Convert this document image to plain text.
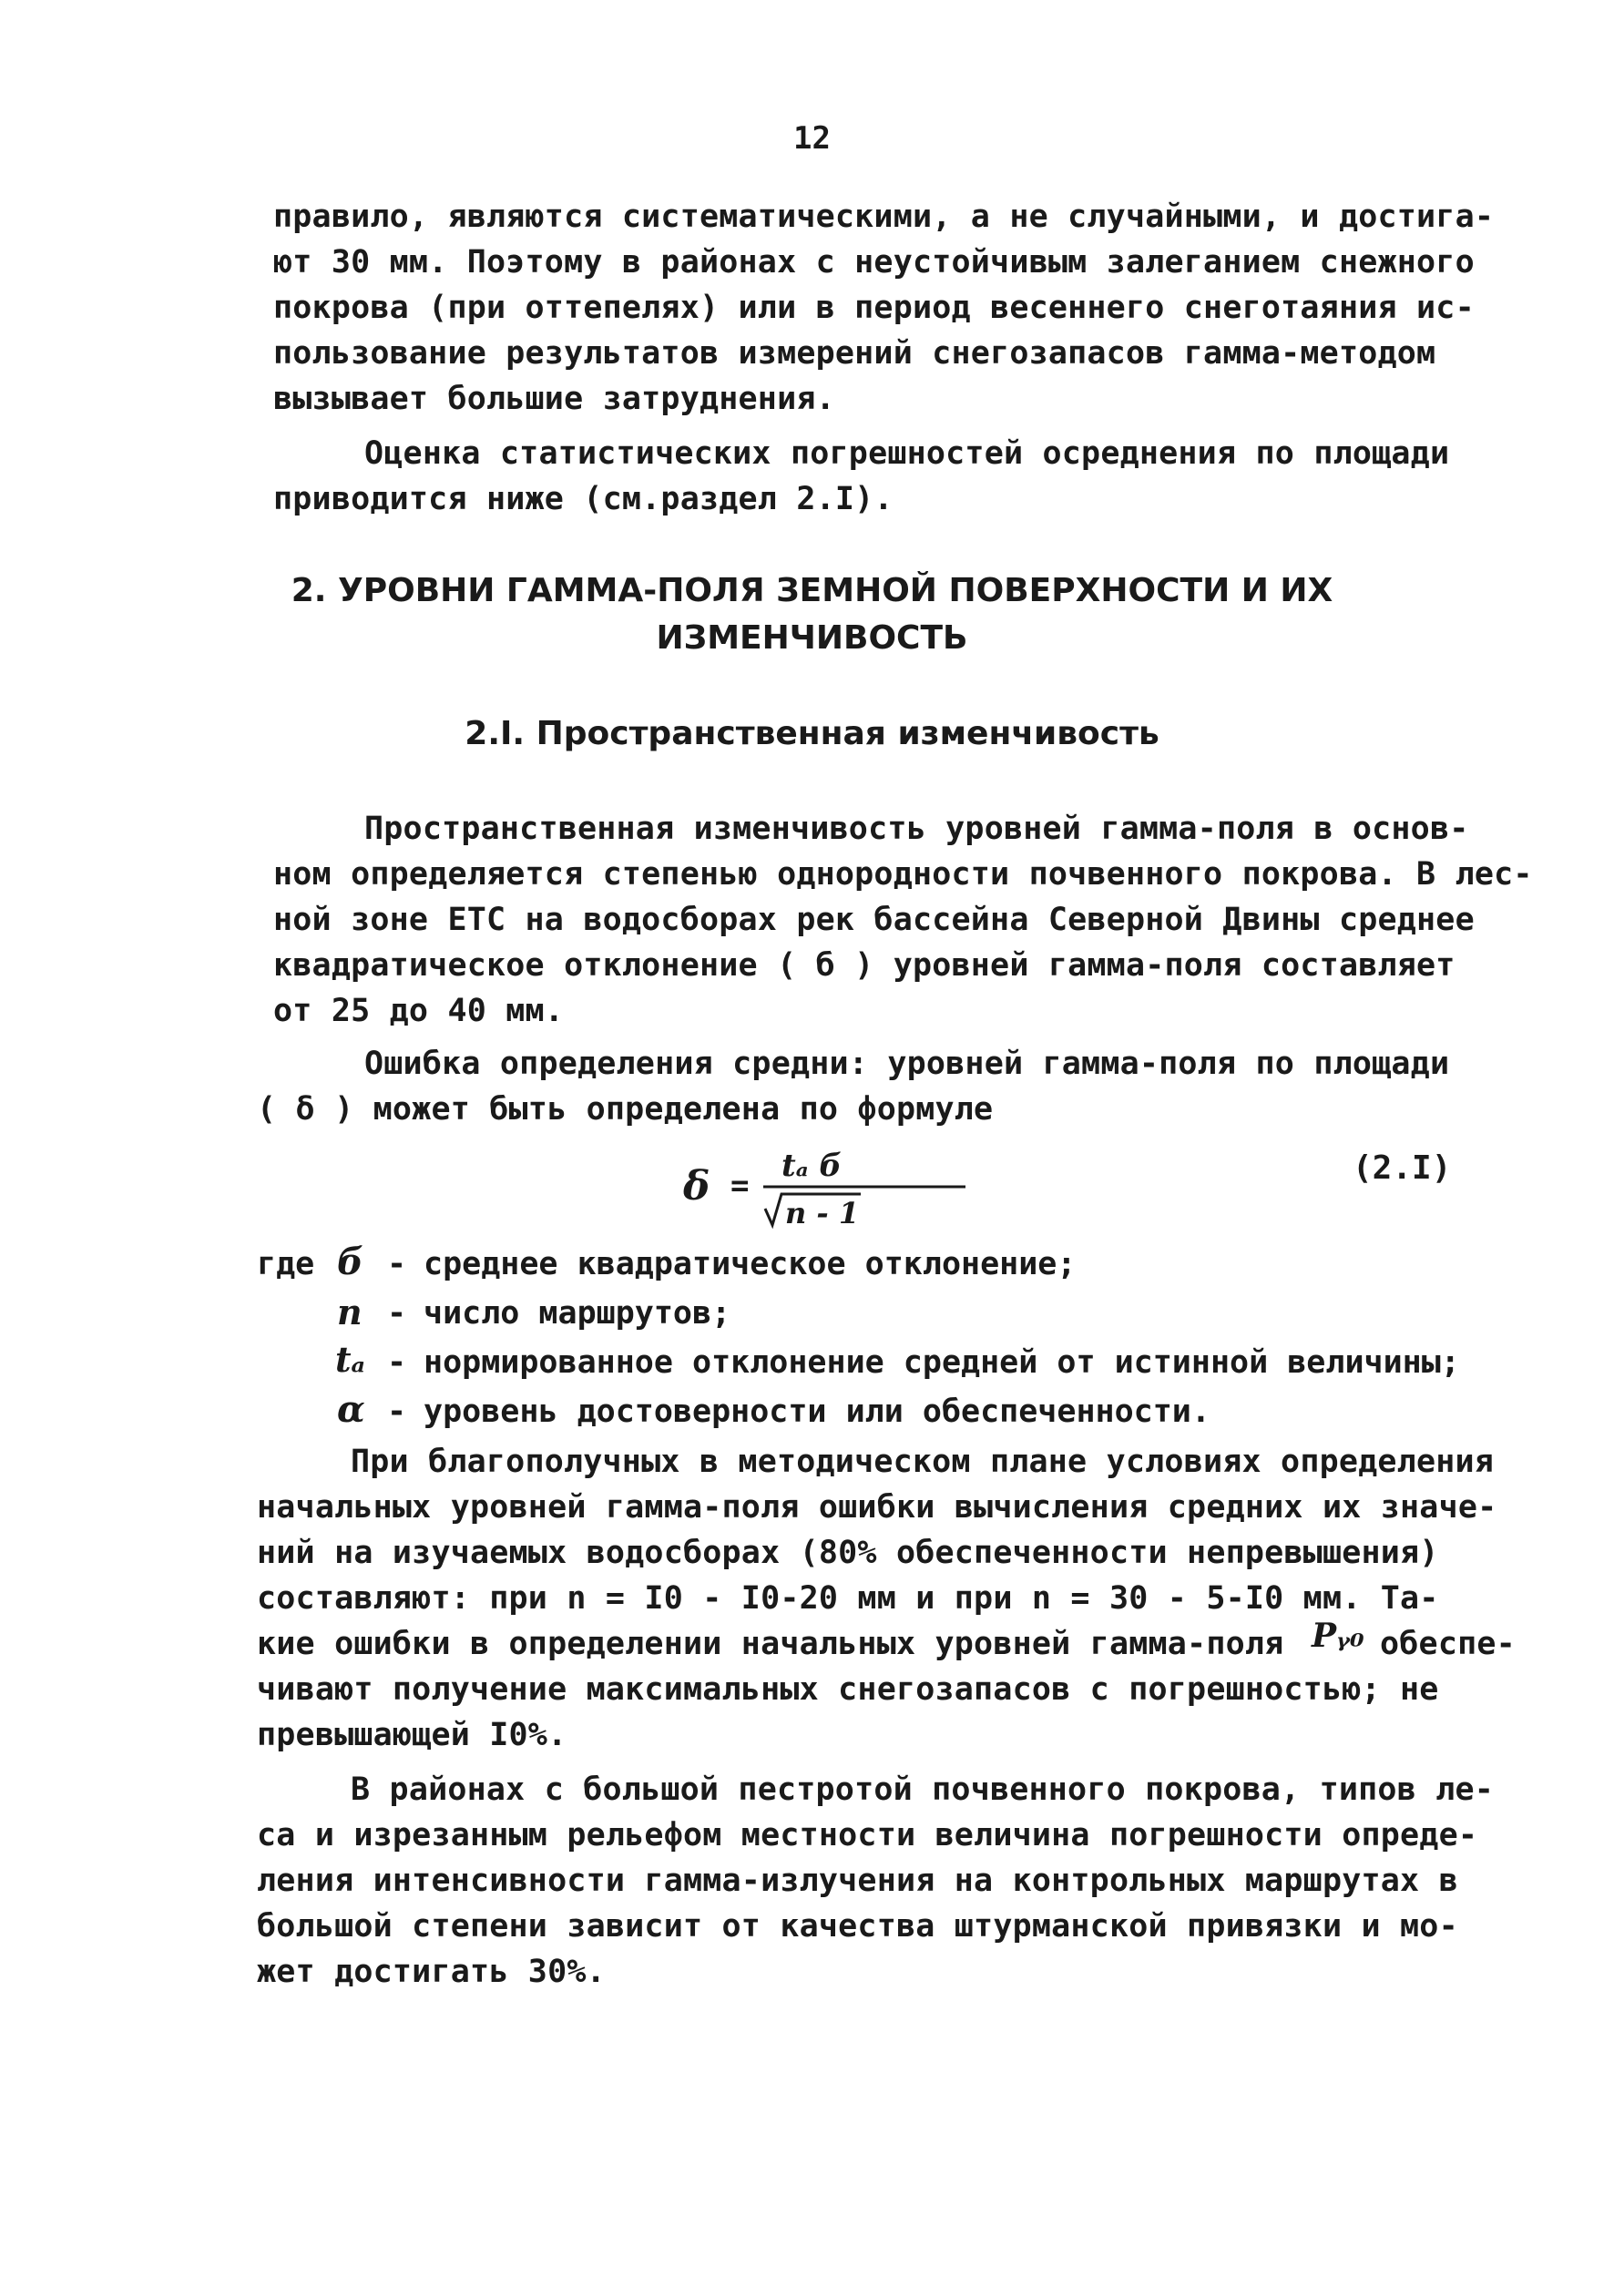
12
правило, являются систематическими, а не случайными, и достига-
ют 30 мм. Поэтому в районах с неустойчивым залеганием снежного
покрова (при оттепелях) или в период весеннего снеготаяния ис-
пользование результатов измерений снегозапасов гамма-методом
вызывает большие затруднения.
Оценка статистических погрешностей осреднения по площади
приводится ниже (см.раздел 2.I).
2. УРОВНИ ГАММА-ПОЛЯ ЗЕМНОЙ ПОВЕРХНОСТИ И ИХ
ИЗМЕНЧИВОСТЬ
2.I. Пространственная изменчивость
Пространственная изменчивость уровней гамма-поля в основ-
ном определяется степенью однородности почвенного покрова. В лес-
ной зоне ЕТС на водосборах рек бассейна Северной Двины среднее
квадратическое отклонение ( б ) уровней гамма-поля составляет
от 25 до 40 мм.
Ошибка определения средни: уровней гамма-поля по площади
( δ ) может быть определена по формуле
δ =
tₐ б
n - 1
(2.I)
где б - среднее квадратическое отклонение;
n - число маршрутов;
tₐ - нормированное отклонение средней от истинной величины;
α - уровень достоверности или обеспеченности.
При благополучных в методическом плане условиях определения
начальных уровней гамма-поля ошибки вычисления средних их значе-
ний на изучаемых водосборах (80% обеспеченности непревышения)
составляют: при n = I0 - I0-20 мм и при n = 30 - 5-I0 мм. Та-
кие ошибки в определении начальных уровней гамма-поля Pᵧ₀ обеспе-
чивают получение максимальных снегозапасов с погрешностью; не
превышающей I0%.
В районах с большой пестротой почвенного покрова, типов ле-
са и изрезанным рельефом местности величина погрешности опреде-
ления интенсивности гамма-излучения на контрольных маршрутах в
большой степени зависит от качества штурманской привязки и мо-
жет достигать 30%.
